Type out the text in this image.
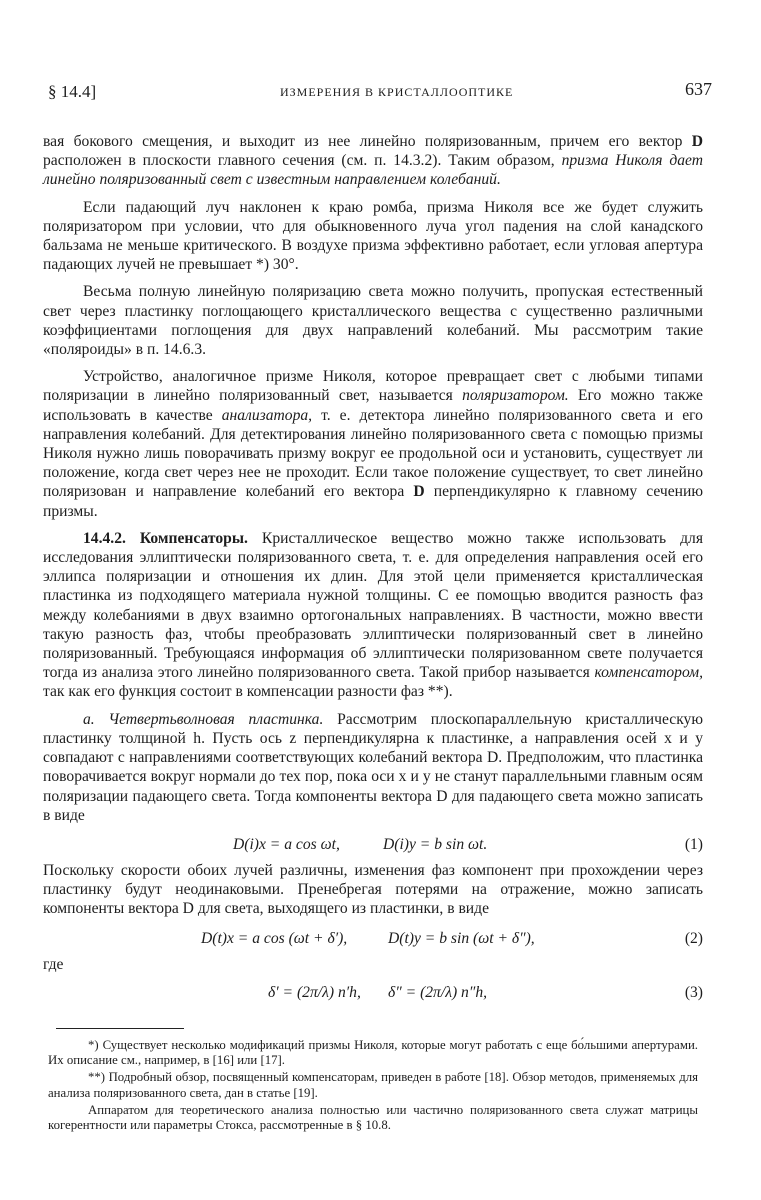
§ 14.4]	ИЗМЕРЕНИЯ В КРИСТАЛЛООПТИКЕ	637

вая бокового смещения, и выходит из нее линейно поляризованным, причем его вектор D расположен в плоскости главного сечения (см. п. 14.3.2). Таким образом, призма Николя дает линейно поляризованный свет с известным направлением колебаний.

Если падающий луч наклонен к краю ромба, призма Николя все же будет служить поляризатором при условии, что для обыкновенного луча угол падения на слой канадского бальзама не меньше критического. В воздухе призма эффективно работает, если угловая апертура падающих лучей не превышает *) 30°.

Весьма полную линейную поляризацию света можно получить, пропуская естественный свет через пластинку поглощающего кристаллического вещества с существенно различными коэффициентами поглощения для двух направлений колебаний. Мы рассмотрим такие «поляроиды» в п. 14.6.3.

Устройство, аналогичное призме Николя, которое превращает свет с любыми типами поляризации в линейно поляризованный свет, называется поляризатором. Его можно также использовать в качестве анализатора, т. е. детектора линейно поляризованного света и его направления колебаний. Для детектирования линейно поляризованного света с помощью призмы Николя нужно лишь поворачивать призму вокруг ее продольной оси и установить, существует ли положение, когда свет через нее не проходит. Если такое положение существует, то свет линейно поляризован и направление колебаний его вектора D перпендикулярно к главному сечению призмы.

14.4.2. Компенсаторы. Кристаллическое вещество можно также использовать для исследования эллиптически поляризованного света, т. е. для определения направления осей его эллипса поляризации и отношения их длин. Для этой цели применяется кристаллическая пластинка из подходящего материала нужной толщины. С ее помощью вводится разность фаз между колебаниями в двух взаимно ортогональных направлениях. В частности, можно ввести такую разность фаз, чтобы преобразовать эллиптически поляризованный свет в линейно поляризованный. Требующаяся информация об эллиптически поляризованном свете получается тогда из анализа этого линейно поляризованного света. Такой прибор называется компенсатором, так как его функция состоит в компенсации разности фаз **).

а. Четвертьволновая пластинка. Рассмотрим плоскопараллельную кристаллическую пластинку толщиной h. Пусть ось z перпендикулярна к пластинке, а направления осей x и y совпадают с направлениями соответствующих колебаний вектора D. Предположим, что пластинка поворачивается вокруг нормали до тех пор, пока оси x и y не станут параллельными главным осям поляризации падающего света. Тогда компоненты вектора D для падающего света можно записать в виде

D(i)x = a cos ωt,	D(i)y = b sin ωt.	(1)

Поскольку скорости обоих лучей различны, изменения фаз компонент при прохождении через пластинку будут неодинаковыми. Пренебрегая потерями на отражение, можно записать компоненты вектора D для света, выходящего из пластинки, в виде

D(t)x = a cos (ωt + δ′),	D(t)y = b sin (ωt + δ″),	(2)
где
δ′ = (2π/λ) n′h, δ″ = (2π/λ) n″h,	(3)

*) Существует несколько модификаций призмы Николя, которые могут работать с еще бо́льшими апертурами. Их описание см., например, в [16] или [17].

**) Подробный обзор, посвященный компенсаторам, приведен в работе [18]. Обзор методов, применяемых для анализа поляризованного света, дан в статье [19].

Аппаратом для теоретического анализа полностью или частично поляризованного света служат матрицы когерентности или параметры Стокса, рассмотренные в § 10.8.
